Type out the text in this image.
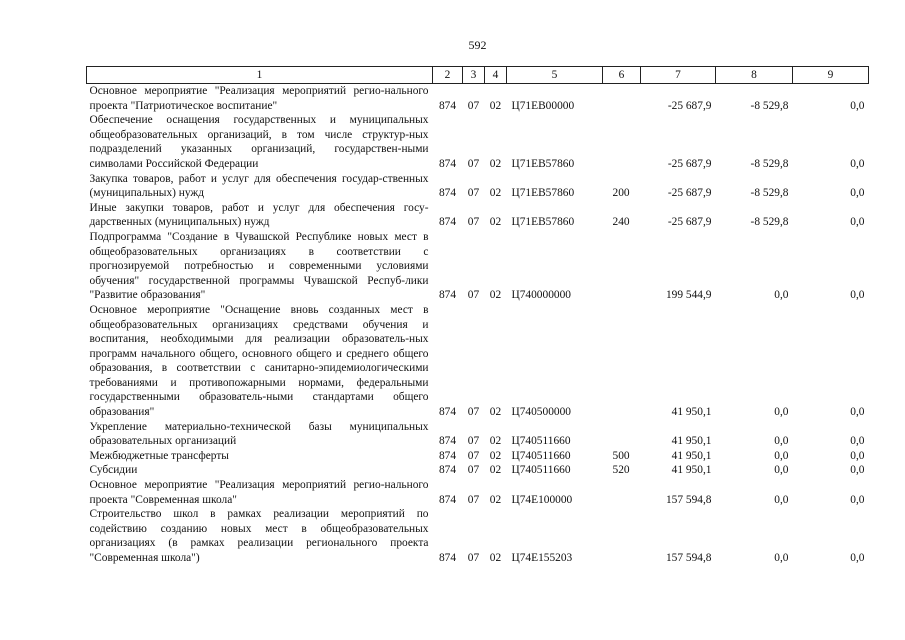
592
1	2	3	4	5	6	7	8	9
Основное мероприятие "Реализация мероприятий регио-нального проекта "Патриотическое воспитание"	874	07	02	Ц71EВ00000		-25 687,9	-8 529,8	0,0
Обеспечение оснащения государственных и муниципальных общеобразовательных организаций, в том числе структур-ных подразделений указанных организаций, государствен-ными символами Российской Федерации	874	07	02	Ц71EВ57860		-25 687,9	-8 529,8	0,0
Закупка товаров, работ и услуг для обеспечения государ-ственных (муниципальных) нужд	874	07	02	Ц71EВ57860	200	-25 687,9	-8 529,8	0,0
Иные закупки товаров, работ и услуг для обеспечения госу-дарственных (муниципальных) нужд	874	07	02	Ц71EВ57860	240	-25 687,9	-8 529,8	0,0
Подпрограмма "Создание в Чувашской Республике новых мест в общеобразовательных организациях в соответствии с прогнозируемой потребностью и современными условиями обучения" государственной программы Чувашской Респуб-лики "Развитие образования"	874	07	02	Ц740000000		199 544,9	0,0	0,0
Основное мероприятие "Оснащение вновь созданных мест в общеобразовательных организациях средствами обучения и воспитания, необходимыми для реализации образователь-ных программ начального общего, основного общего и среднего общего образования, в соответствии с санитарно-эпидемиологическими требованиями и противопожарными нормами, федеральными государственными образователь-ными стандартами общего образования"	874	07	02	Ц740500000		41 950,1	0,0	0,0
Укрепление материально-технической базы муниципальных образовательных организаций	874	07	02	Ц740511660		41 950,1	0,0	0,0
Межбюджетные трансферты	874	07	02	Ц740511660	500	41 950,1	0,0	0,0
Субсидии	874	07	02	Ц740511660	520	41 950,1	0,0	0,0
Основное мероприятие "Реализация мероприятий регио-нального проекта "Современная школа"	874	07	02	Ц74E100000		157 594,8	0,0	0,0
Строительство школ в рамках реализации мероприятий по содействию созданию новых мест в общеобразовательных организациях (в рамках реализации регионального проекта "Современная школа")	874	07	02	Ц74E155203		157 594,8	0,0	0,0
